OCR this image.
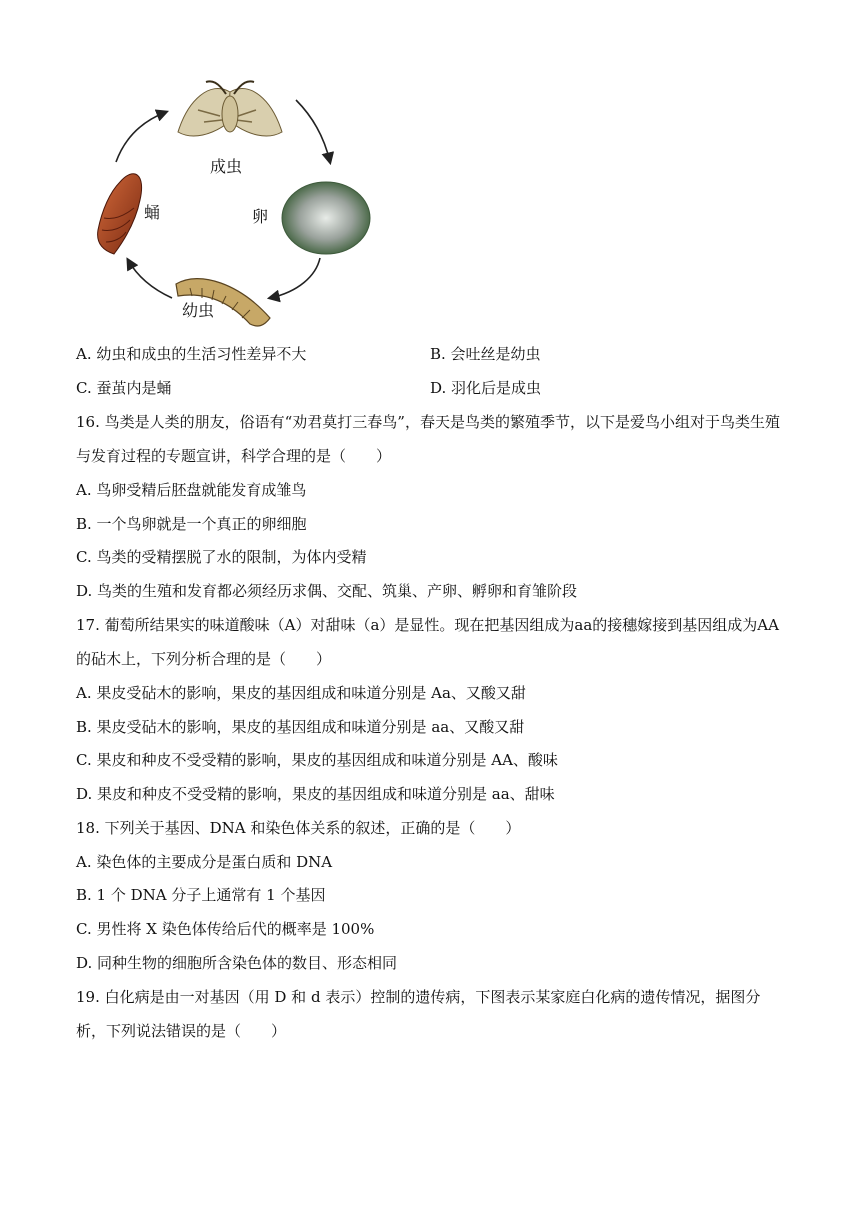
成虫
卵
幼虫
蛹
A. 幼虫和成虫的生活习性差异不大	B. 会吐丝是幼虫
C. 蚕茧内是蛹	D. 羽化后是成虫
16. 鸟类是人类的朋友，俗语有“劝君莫打三春鸟”，春天是鸟类的繁殖季节，以下是爱鸟小组对于鸟类生殖与发育过程的专题宣讲，科学合理的是（　　）
A. 鸟卵受精后胚盘就能发育成雏鸟
B. 一个鸟卵就是一个真正的卵细胞
C. 鸟类的受精摆脱了水的限制，为体内受精
D. 鸟类的生殖和发育都必须经历求偶、交配、筑巢、产卵、孵卵和育雏阶段
17. 葡萄所结果实的味道酸味（A）对甜味（a）是显性。现在把基因组成为aa的接穗嫁接到基因组成为AA的砧木上，下列分析合理的是（　　）
A. 果皮受砧木的影响，果皮的基因组成和味道分别是 Aa、又酸又甜
B. 果皮受砧木的影响，果皮的基因组成和味道分别是 aa、又酸又甜
C. 果皮和种皮不受受精的影响，果皮的基因组成和味道分别是 AA、酸味
D. 果皮和种皮不受受精的影响，果皮的基因组成和味道分别是 aa、甜味
18. 下列关于基因、DNA 和染色体关系的叙述，正确的是（　　）
A. 染色体的主要成分是蛋白质和 DNA
B. 1 个 DNA 分子上通常有 1 个基因
C. 男性将 X 染色体传给后代的概率是 100%
D. 同种生物的细胞所含染色体的数目、形态相同
19. 白化病是由一对基因（用 D 和 d 表示）控制的遗传病，下图表示某家庭白化病的遗传情况，据图分析，下列说法错误的是（　　）
